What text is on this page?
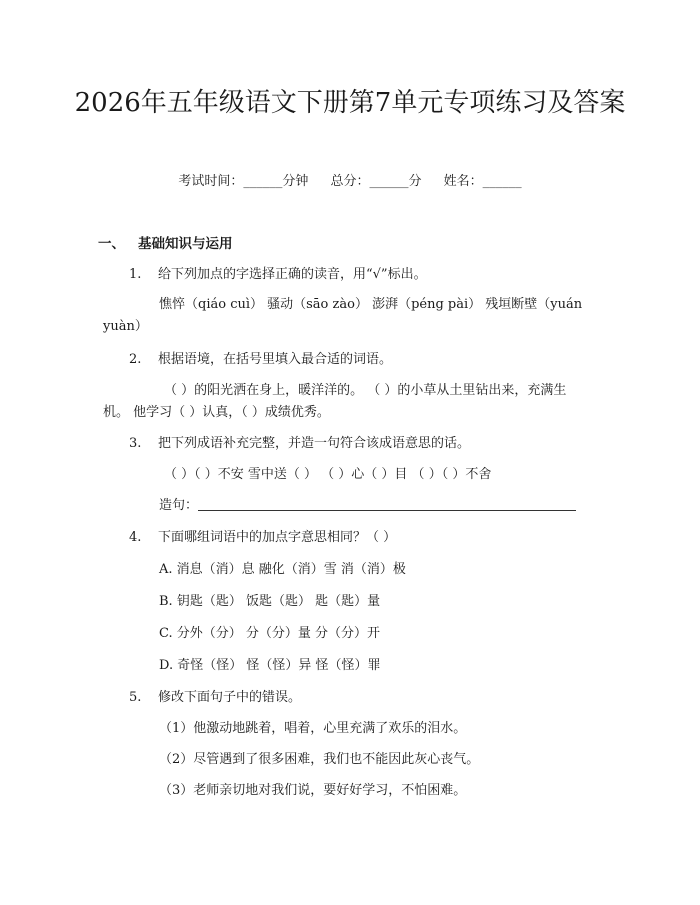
2026年五年级语文下册第7单元专项练习及答案
考试时间：______分钟 总分：______分 姓名：______
一、 基础知识与运用
1. 给下列加点的字选择正确的读音，用“√”标出。
憔悴（qiáo cuì） 骚动（sāo zào） 澎湃（péng pài） 残垣断壁（yuán
yuàn）
2. 根据语境，在括号里填入最合适的词语。
（ ）的阳光洒在身上，暖洋洋的。 （ ）的小草从土里钻出来，充满生
机。 他学习（ ）认真，（ ）成绩优秀。
3. 把下列成语补充完整，并造一句符合该成语意思的话。
（ ）（ ）不安 雪中送（ ） （ ）心（ ）目 （ ）（ ）不舍
造句：
4. 下面哪组词语中的加点字意思相同？（ ）
A. 消息（消）息 融化（消）雪 消（消）极
B. 钥匙（匙） 饭匙（匙） 匙（匙）量
C. 分外（分） 分（分）量 分（分）开
D. 奇怪（怪） 怪（怪）异 怪（怪）罪
5. 修改下面句子中的错误。
（1）他激动地跳着，唱着，心里充满了欢乐的泪水。
（2）尽管遇到了很多困难，我们也不能因此灰心丧气。
（3）老师亲切地对我们说，要好好学习，不怕困难。
